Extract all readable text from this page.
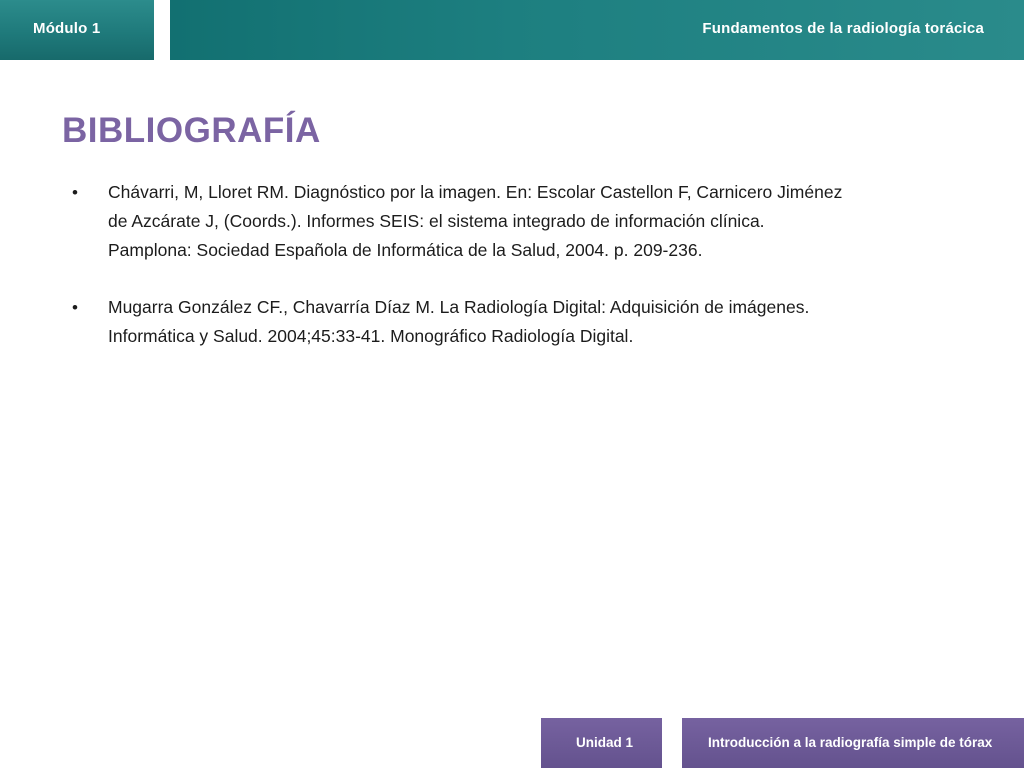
Módulo 1	Fundamentos de la radiología torácica
BIBLIOGRAFÍA
•	Chávarri, M, Lloret RM. Diagnóstico por la imagen. En: Escolar Castellon F, Carnicero Jiménez
de Azcárate J, (Coords.). Informes SEIS: el sistema integrado de información clínica.
Pamplona: Sociedad Española de Informática de la Salud, 2004. p. 209-236.
•	Mugarra González CF., Chavarría Díaz M. La Radiología Digital: Adquisición de imágenes.
Informática y Salud. 2004;45:33-41. Monográfico Radiología Digital.
Unidad 1	Introducción a la radiografía simple de tórax
